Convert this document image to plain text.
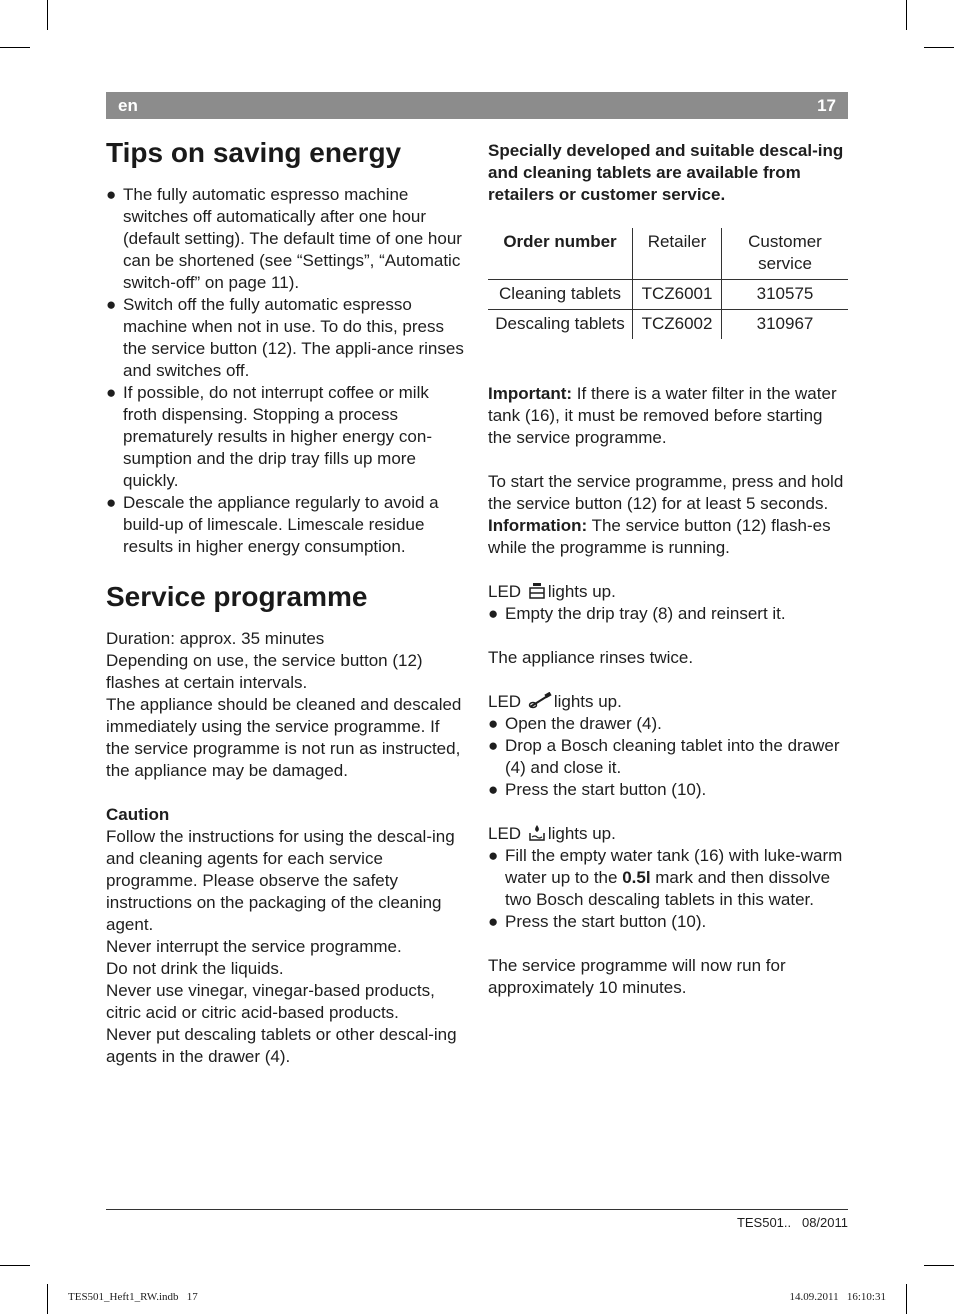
en	17
Tips on saving energy
● The fully automatic espresso machine switches off automatically after one hour (default setting). The default time of one hour can be shortened (see “Settings”, “Automatic switch-off” on page 11).
● Switch off the fully automatic espresso machine when not in use. To do this, press the service button (12). The appli-ance rinses and switches off.
● If possible, do not interrupt coffee or milk froth dispensing. Stopping a process prematurely results in higher energy con-sumption and the drip tray fills up more quickly.
● Descale the appliance regularly to avoid a build-up of limescale. Limescale residue results in higher energy consumption.
Service programme

Duration: approx. 35 minutes

Depending on use, the service button (12) flashes at certain intervals.

The appliance should be cleaned and descaled immediately using the service programme. If the service programme is not run as instructed, the appliance may be damaged.

Caution

Follow the instructions for using the descal-ing and cleaning agents for each service programme. Please observe the safety instructions on the packaging of the cleaning agent.

Never interrupt the service programme.

Do not drink the liquids.

Never use vinegar, vinegar-based products, citric acid or citric acid-based products.

Never put descaling tablets or other descal-ing agents in the drawer (4).

Specially developed and suitable descal-ing and cleaning tablets are available from retailers or customer service.

Order number	Retailer	Customer service
Cleaning tablets	TCZ6001	310575
Descaling tablets	TCZ6002	310967

Important: If there is a water filter in the water tank (16), it must be removed before starting the service programme.

To start the service programme, press and hold the service button (12) for at least 5 seconds.

Information: The service button (12) flash-es while the programme is running.

LED lights up.

● Empty the drip tray (8) and reinsert it.

The appliance rinses twice.

LED lights up.

● Open the drawer (4).
● Drop a Bosch cleaning tablet into the drawer (4) and close it.
● Press the start button (10).

LED lights up.

● Fill the empty water tank (16) with luke-warm water up to the 0.5l mark and then dissolve two Bosch descaling tablets in this water.
● Press the start button (10).

The service programme will now run for approximately 10 minutes.

TES501..   08/2011
TES501_Heft1_RW.indb   17	14.09.2011   16:10:31
